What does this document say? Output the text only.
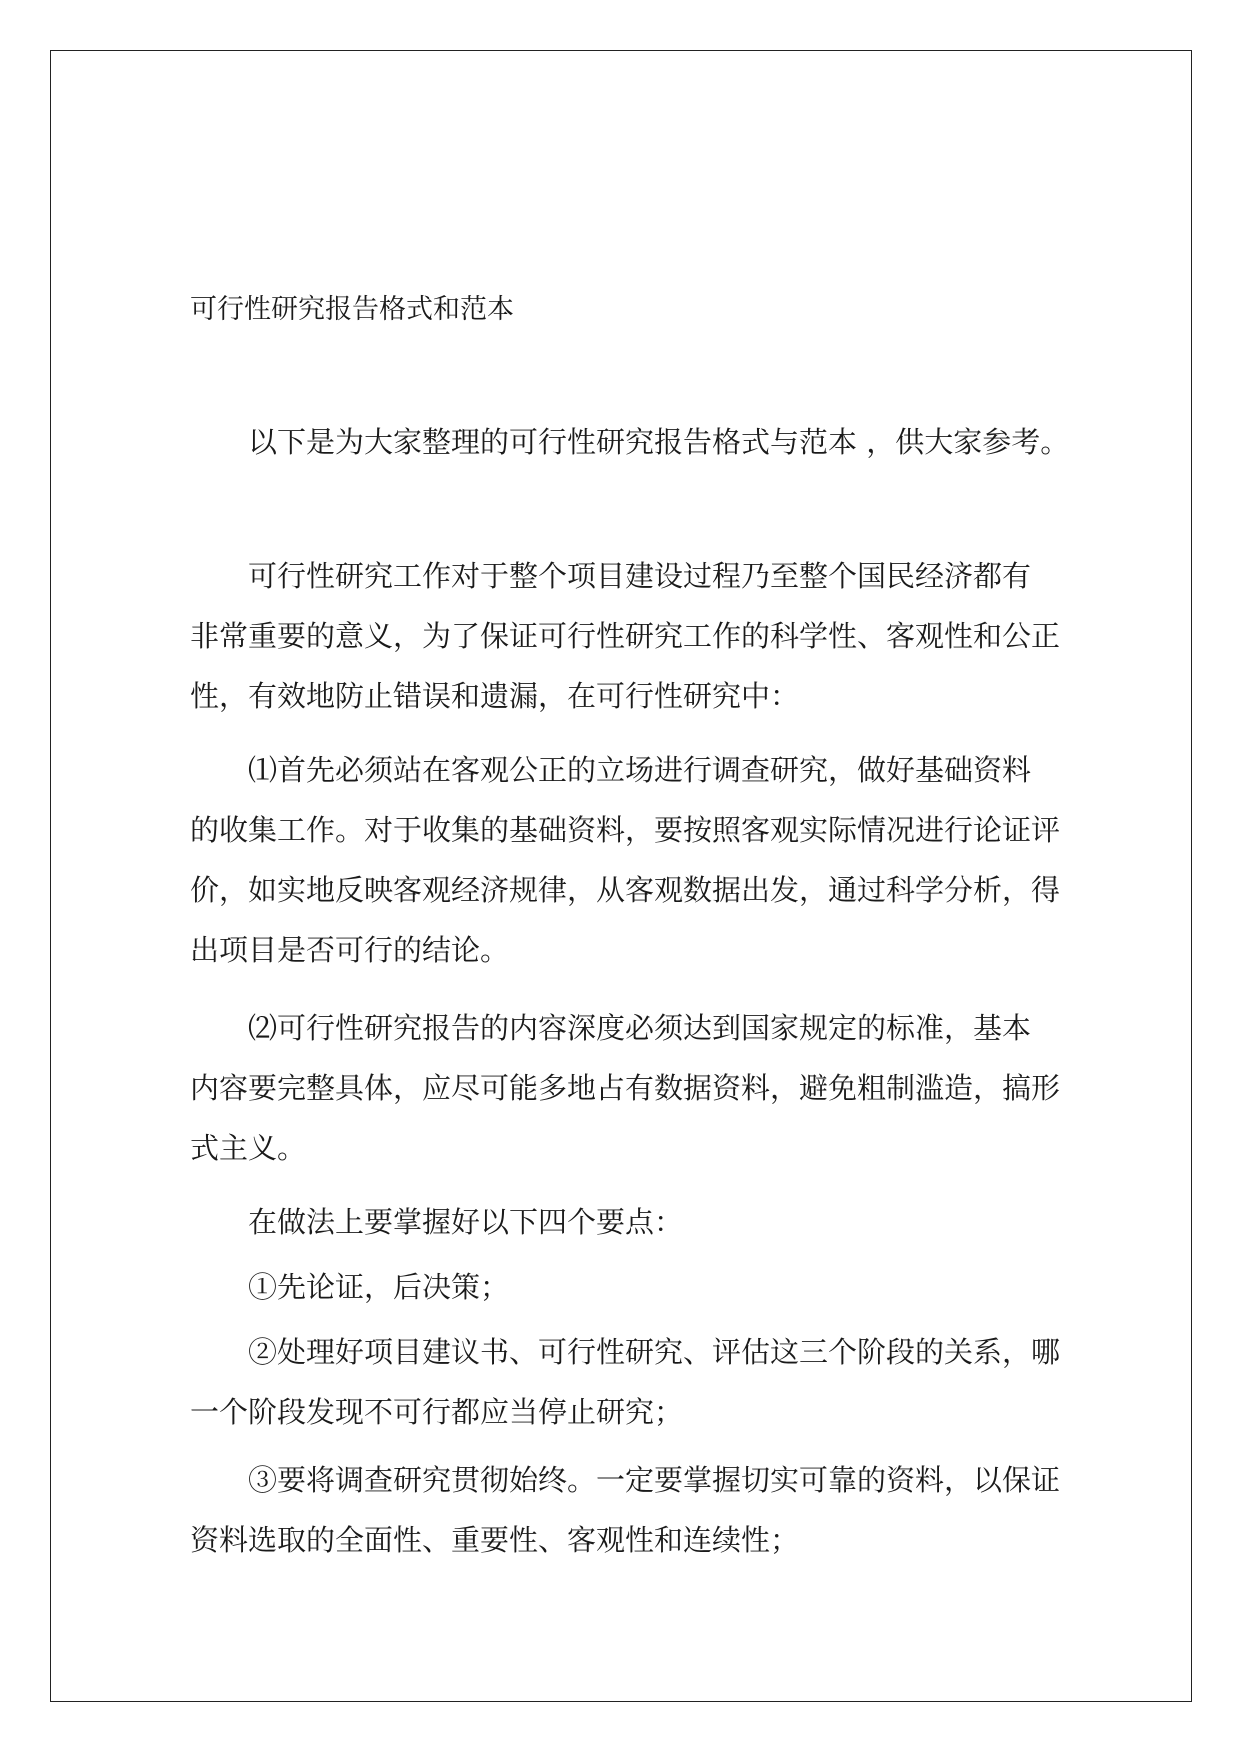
可行性研究报告格式和范本
以下是为大家整理的可行性研究报告格式与范本 ，供大家参考。
可行性研究工作对于整个项目建设过程乃至整个国民经济都有
非常重要的意义，为了保证可行性研究工作的科学性、客观性和公正
性，有效地防止错误和遗漏，在可行性研究中：
⑴首先必须站在客观公正的立场进行调查研究，做好基础资料
的收集工作。对于收集的基础资料，要按照客观实际情况进行论证评
价，如实地反映客观经济规律，从客观数据出发，通过科学分析，得
出项目是否可行的结论。
⑵可行性研究报告的内容深度必须达到国家规定的标准，基本
内容要完整具体，应尽可能多地占有数据资料，避免粗制滥造，搞形
式主义。
在做法上要掌握好以下四个要点：
①先论证，后决策；
②处理好项目建议书、可行性研究、评估这三个阶段的关系，哪
一个阶段发现不可行都应当停止研究；
③要将调查研究贯彻始终。一定要掌握切实可靠的资料，以保证
资料选取的全面性、重要性、客观性和连续性；
